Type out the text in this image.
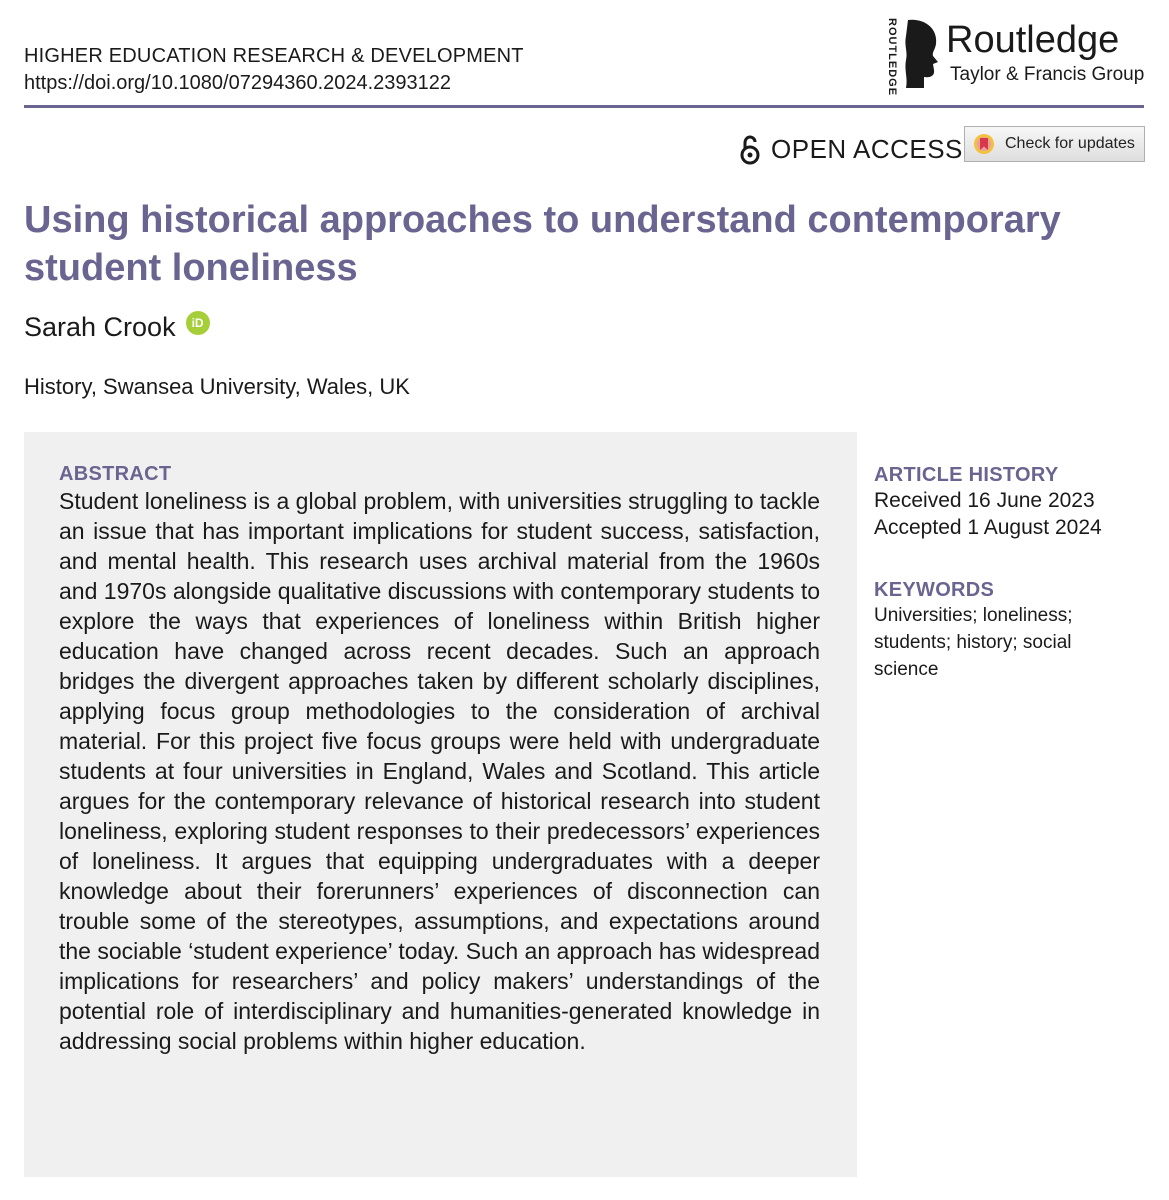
HIGHER EDUCATION RESEARCH & DEVELOPMENT
https://doi.org/10.1080/07294360.2024.2393122	ROUTLEDGE Routledge
Taylor & Francis Group
OPEN ACCESS	Check for updates
Using historical approaches to understand contemporary student loneliness
Sarah Crook	iD
History, Swansea University, Wales, UK
ABSTRACT

Student loneliness is a global problem, with universities struggling to tackle an issue that has important implications for student success, satisfaction, and mental health. This research uses archival material from the 1960s and 1970s alongside qualitative discussions with contemporary students to explore the ways that experiences of loneliness within British higher education have changed across recent decades. Such an approach bridges the divergent approaches taken by different scholarly disciplines, applying focus group methodologies to the consideration of archival material. For this project five focus groups were held with undergraduate students at four universities in England, Wales and Scotland. This article argues for the contemporary relevance of historical research into student loneliness, exploring student responses to their predecessors’ experiences of loneliness. It argues that equipping undergraduates with a deeper knowledge about their forerunners’ experiences of disconnection can trouble some of the stereotypes, assumptions, and expectations around the sociable ‘student experience’ today. Such an approach has widespread implications for researchers’ and policy makers’ understandings of the potential role of interdisciplinary and humanities-generated knowledge in addressing social problems within higher education.

ARTICLE HISTORY
Received 16 June 2023
Accepted 1 August 2024
KEYWORDS
Universities; loneliness; students; history; social science
